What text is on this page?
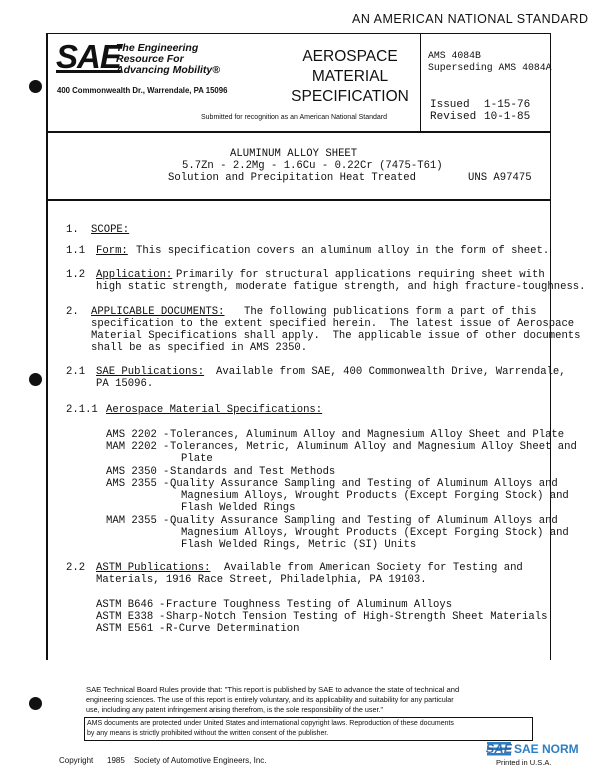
AN AMERICAN NATIONAL STANDARD
SAE
The Engineering
Resource For
Advancing Mobility®
400 Commonwealth Dr., Warrendale, PA 15096
AEROSPACE
MATERIAL
SPECIFICATION
Submitted for recognition as an American National Standard
AMS 4084B
Superseding AMS 4084A
Issued 1-15-76
Revised 10-1-85
ALUMINUM ALLOY SHEET
5.7Zn - 2.2Mg - 1.6Cu - 0.22Cr (7475-T61)
Solution and Precipitation Heat Treated	UNS A97475
1. SCOPE:
1.1 Form: This specification covers an aluminum alloy in the form of sheet.
1.2 Application: Primarily for structural applications requiring sheet with
high static strength, moderate fatigue strength, and high fracture-toughness.
2. APPLICABLE DOCUMENTS: The following publications form a part of this
specification to the extent specified herein.  The latest issue of Aerospace
Material Specifications shall apply.  The applicable issue of other documents
shall be as specified in AMS 2350.
2.1 SAE Publications: Available from SAE, 400 Commonwealth Drive, Warrendale,
PA 15096.
2.1.1 Aerospace Material Specifications:
AMS 2202 - Tolerances, Aluminum Alloy and Magnesium Alloy Sheet and Plate
MAM 2202 - Tolerances, Metric, Aluminum Alloy and Magnesium Alloy Sheet and
Plate
AMS 2350 - Standards and Test Methods
AMS 2355 - Quality Assurance Sampling and Testing of Aluminum Alloys and
Magnesium Alloys, Wrought Products (Except Forging Stock) and
Flash Welded Rings
MAM 2355 - Quality Assurance Sampling and Testing of Aluminum Alloys and
Magnesium Alloys, Wrought Products (Except Forging Stock) and
Flash Welded Rings, Metric (SI) Units
2.2 ASTM Publications: Available from American Society for Testing and
Materials, 1916 Race Street, Philadelphia, PA 19103.
ASTM B646 - Fracture Toughness Testing of Aluminum Alloys
ASTM E338 - Sharp-Notch Tension Testing of High-Strength Sheet Materials
ASTM E561 - R-Curve Determination
SAE Technical Board Rules provide that: "This report is published by SAE to advance the state of technical and
engineering sciences. The use of this report is entirely voluntary, and its applicability and suitability for any particular
use, including any patent infringement arising therefrom, is the sole responsibility of the user."
AMS documents are protected under United States and international copyright laws. Reproduction of these documents
by any means is strictly prohibited without the written consent of the publisher.
Copyright 1985 Society of Automotive Engineers, Inc.
SAE SAE NORM
Printed in U.S.A.
